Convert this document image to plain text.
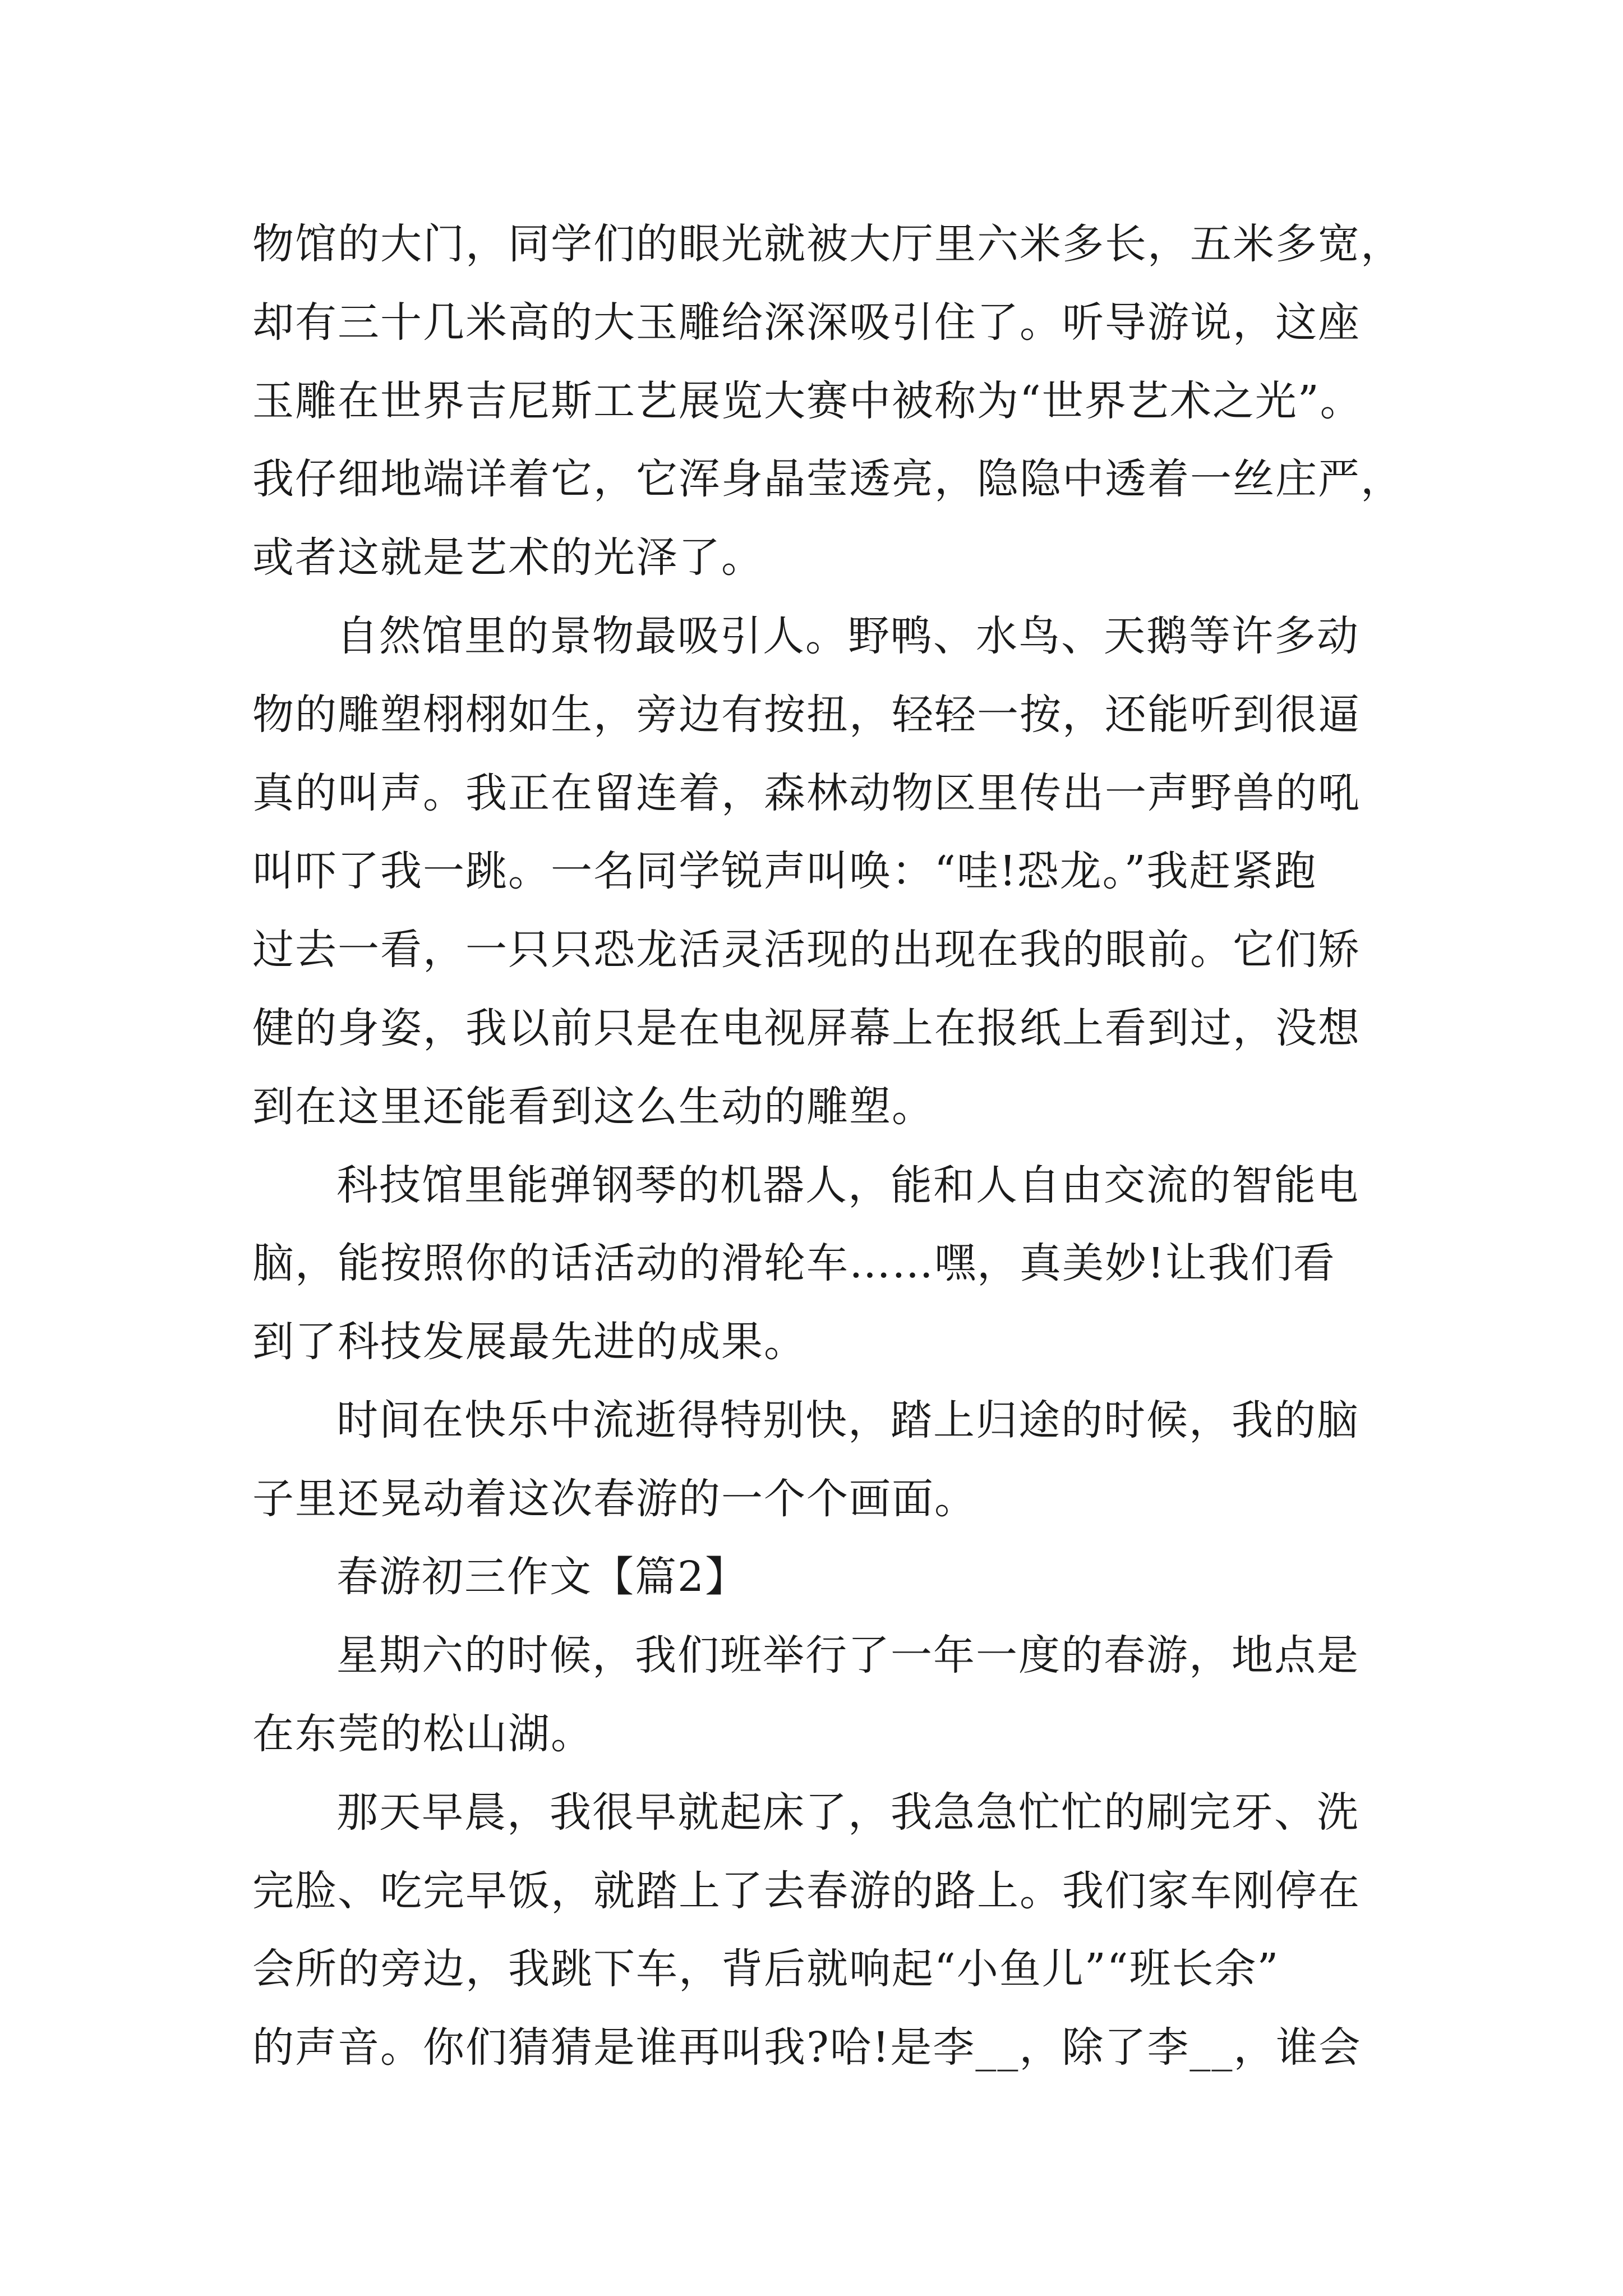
物馆的大门，同学们的眼光就被大厅里六米多长，五米多宽，
却有三十几米高的大玉雕给深深吸引住了。听导游说，这座
玉雕在世界吉尼斯工艺展览大赛中被称为“世界艺术之光”。
我仔细地端详着它，它浑身晶莹透亮，隐隐中透着一丝庄严，
或者这就是艺术的光泽了。
自然馆里的景物最吸引人。野鸭、水鸟、天鹅等许多动
物的雕塑栩栩如生，旁边有按扭，轻轻一按，还能听到很逼
真的叫声。我正在留连着，森林动物区里传出一声野兽的吼
叫吓了我一跳。一名同学锐声叫唤：“哇!恐龙。”我赶紧跑
过去一看，一只只恐龙活灵活现的出现在我的眼前。它们矫
健的身姿，我以前只是在电视屏幕上在报纸上看到过，没想
到在这里还能看到这么生动的雕塑。
科技馆里能弹钢琴的机器人，能和人自由交流的智能电
脑，能按照你的话活动的滑轮车……嘿，真美妙!让我们看
到了科技发展最先进的成果。
时间在快乐中流逝得特别快，踏上归途的时候，我的脑
子里还晃动着这次春游的一个个画面。
春游初三作文【篇2】
星期六的时候，我们班举行了一年一度的春游，地点是
在东莞的松山湖。
那天早晨，我很早就起床了，我急急忙忙的刷完牙、洗
完脸、吃完早饭，就踏上了去春游的路上。我们家车刚停在
会所的旁边，我跳下车，背后就响起“小鱼儿”“班长余”
的声音。你们猜猜是谁再叫我?哈!是李__，除了李__，谁会
